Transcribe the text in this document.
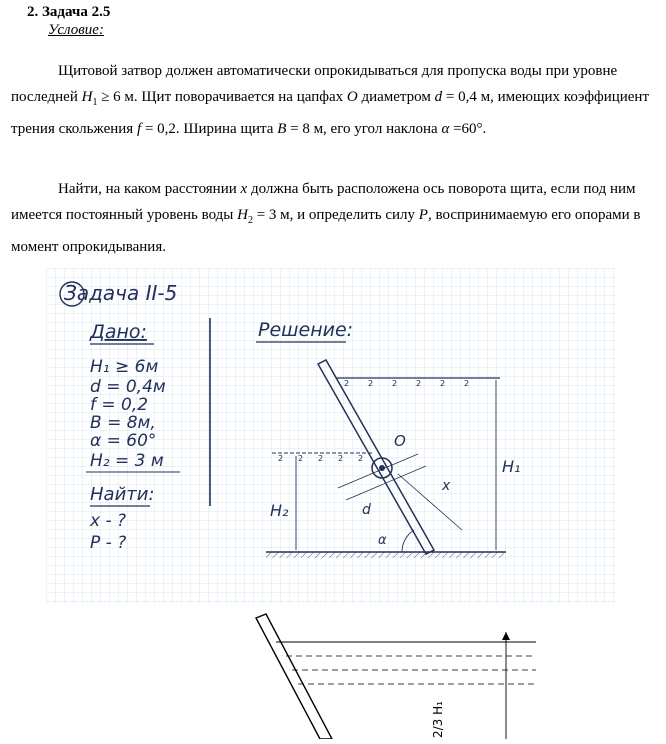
2. Задача 2.5
Условие:
Щитовой затвор должен автоматически опрокидываться для пропуска воды при уровне последней $H_1 \ge 6$ м. Щит поворачивается на цапфах O диаметром d = 0,4 м, имеющих коэффициент трения скольжения f = 0,2. Ширина щита B = 8 м, его угол наклона α =60°.
Найти, на каком расстоянии x должна быть расположена ось поворота щита, если под ним имеется постоянный уровень воды $H_2 = 3$ м, и определить силу P, воспринимаемую его опорами в момент опрокидывания.
Задача II-5
Дано:
H₁ ≥ 6м
d = 0,4м
f = 0,2
B = 8м,
α = 60°
H₂ = 3 м
Найти:
x - ?
P - ?
Решение:
2 2 2 2 2 2
2 2 2 2 2
O
d
x
H₂
H₁
α
2/3 H₁
